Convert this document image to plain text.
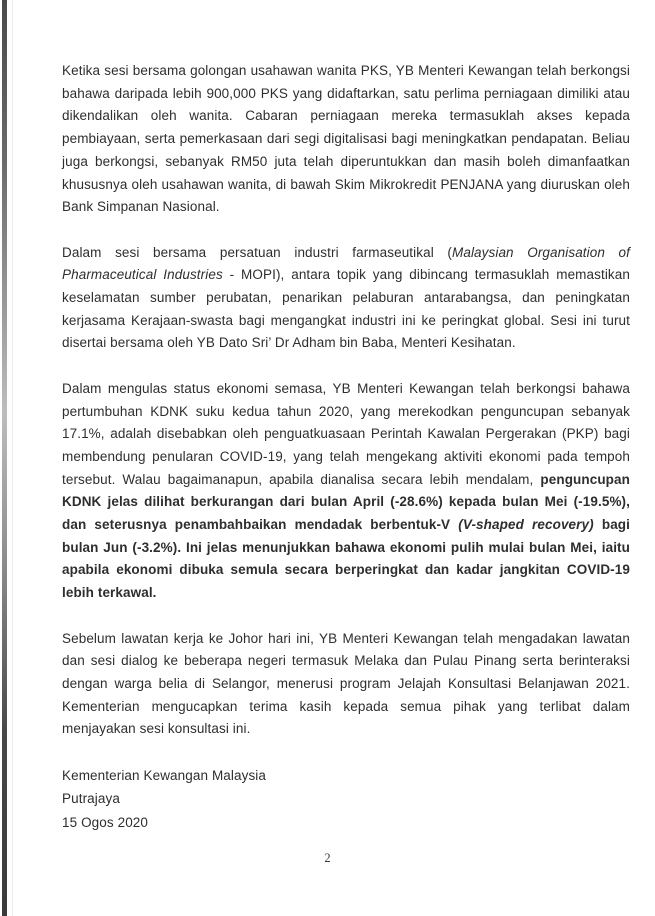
Ketika sesi bersama golongan usahawan wanita PKS, YB Menteri Kewangan telah berkongsi bahawa daripada lebih 900,000 PKS yang didaftarkan, satu perlima perniagaan dimiliki atau dikendalikan oleh wanita. Cabaran perniagaan mereka termasuklah akses kepada pembiayaan, serta pemerkasaan dari segi digitalisasi bagi meningkatkan pendapatan. Beliau juga berkongsi, sebanyak RM50 juta telah diperuntukkan dan masih boleh dimanfaatkan khususnya oleh usahawan wanita, di bawah Skim Mikrokredit PENJANA yang diuruskan oleh Bank Simpanan Nasional.

Dalam sesi bersama persatuan industri farmaseutikal (Malaysian Organisation of Pharmaceutical Industries - MOPI), antara topik yang dibincang termasuklah memastikan keselamatan sumber perubatan, penarikan pelaburan antarabangsa, dan peningkatan kerjasama Kerajaan-swasta bagi mengangkat industri ini ke peringkat global. Sesi ini turut disertai bersama oleh YB Dato Sri’ Dr Adham bin Baba, Menteri Kesihatan.

Dalam mengulas status ekonomi semasa, YB Menteri Kewangan telah berkongsi bahawa pertumbuhan KDNK suku kedua tahun 2020, yang merekodkan penguncupan sebanyak 17.1%, adalah disebabkan oleh penguatkuasaan Perintah Kawalan Pergerakan (PKP) bagi membendung penularan COVID-19, yang telah mengekang aktiviti ekonomi pada tempoh tersebut. Walau bagaimanapun, apabila dianalisa secara lebih mendalam, penguncupan KDNK jelas dilihat berkurangan dari bulan April (-28.6%) kepada bulan Mei (-19.5%), dan seterusnya penambahbaikan mendadak berbentuk-V (V-shaped recovery) bagi bulan Jun (-3.2%). Ini jelas menunjukkan bahawa ekonomi pulih mulai bulan Mei, iaitu apabila ekonomi dibuka semula secara berperingkat dan kadar jangkitan COVID-19 lebih terkawal.

Sebelum lawatan kerja ke Johor hari ini, YB Menteri Kewangan telah mengadakan lawatan dan sesi dialog ke beberapa negeri termasuk Melaka dan Pulau Pinang serta berinteraksi dengan warga belia di Selangor, menerusi program Jelajah Konsultasi Belanjawan 2021. Kementerian mengucapkan terima kasih kepada semua pihak yang terlibat dalam menjayakan sesi konsultasi ini.

Kementerian Kewangan Malaysia

Putrajaya

15 Ogos 2020

2
